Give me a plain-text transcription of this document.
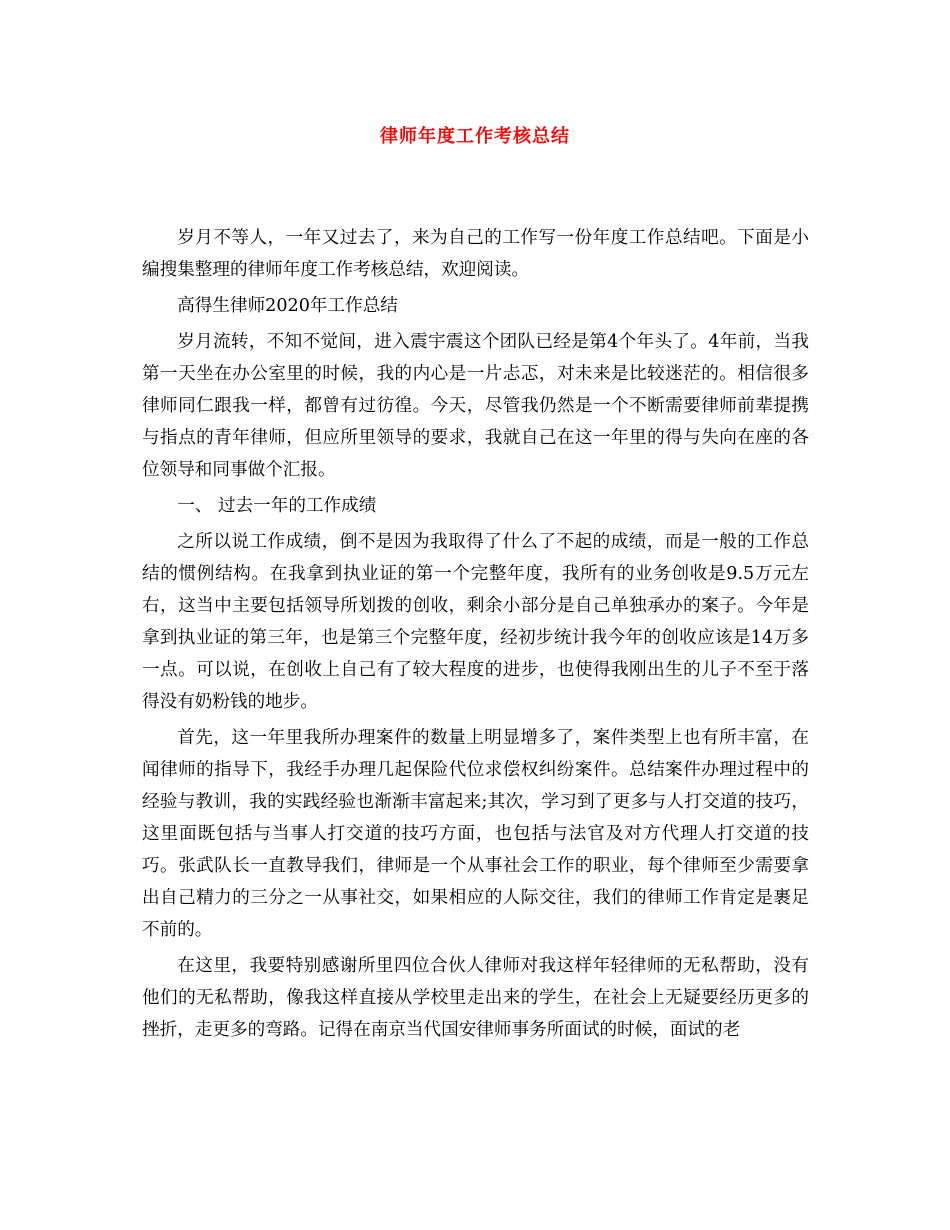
律师年度工作考核总结

岁月不等人，一年又过去了，来为自己的工作写一份年度工作总结吧。下面是小编搜集整理的律师年度工作考核总结，欢迎阅读。

高得生律师2020年工作总结

岁月流转，不知不觉间，进入震宇震这个团队已经是第4个年头了。4年前，当我第一天坐在办公室里的时候，我的内心是一片忐忑，对未来是比较迷茫的。相信很多律师同仁跟我一样，都曾有过彷徨。今天，尽管我仍然是一个不断需要律师前辈提携与指点的青年律师，但应所里领导的要求，我就自己在这一年里的得与失向在座的各位领导和同事做个汇报。

一、 过去一年的工作成绩

之所以说工作成绩，倒不是因为我取得了什么了不起的成绩，而是一般的工作总结的惯例结构。在我拿到执业证的第一个完整年度，我所有的业务创收是9.5万元左右，这当中主要包括领导所划拨的创收，剩余小部分是自己单独承办的案子。今年是拿到执业证的第三年，也是第三个完整年度，经初步统计我今年的创收应该是14万多一点。可以说，在创收上自己有了较大程度的进步，也使得我刚出生的儿子不至于落得没有奶粉钱的地步。

首先，这一年里我所办理案件的数量上明显增多了，案件类型上也有所丰富，在闻律师的指导下，我经手办理几起保险代位求偿权纠纷案件。总结案件办理过程中的经验与教训，我的实践经验也渐渐丰富起来;其次，学习到了更多与人打交道的技巧，这里面既包括与当事人打交道的技巧方面，也包括与法官及对方代理人打交道的技巧。张武队长一直教导我们，律师是一个从事社会工作的职业，每个律师至少需要拿出自己精力的三分之一从事社交，如果相应的人际交往，我们的律师工作肯定是裹足不前的。

在这里，我要特别感谢所里四位合伙人律师对我这样年轻律师的无私帮助，没有他们的无私帮助，像我这样直接从学校里走出来的学生，在社会上无疑要经历更多的挫折，走更多的弯路。记得在南京当代国安律师事务所面试的时候，面试的老
